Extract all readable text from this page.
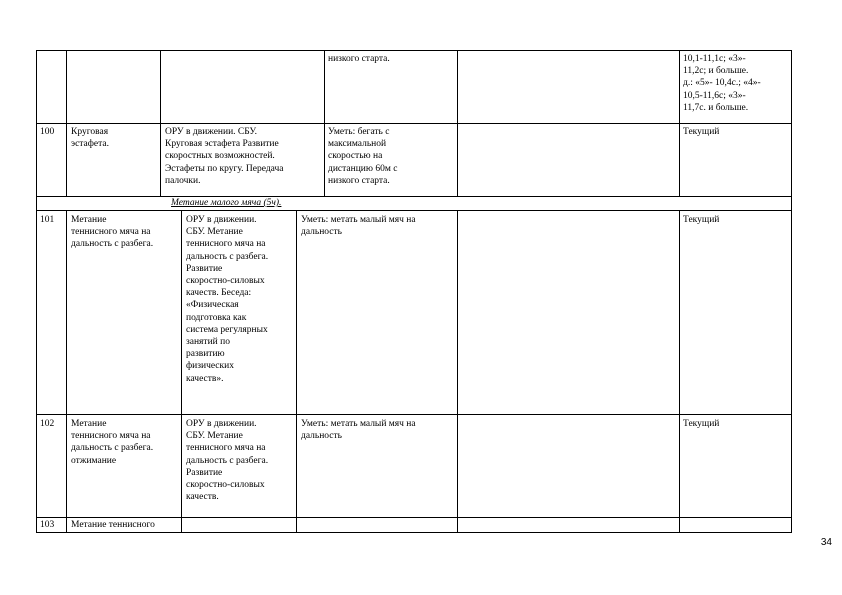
низкого старта.	10,1-11,1с; «3»-
11,2с; и больше.
д.: «5»- 10,4с.; «4»-
10,5-11,6с; «3»-
11,7с. и больше.
100 Круговая
эстафета.
ОРУ в движении. СБУ.
Круговая эстафета Развитие
скоростных возможностей.
Эстафеты по кругу. Передача
палочки.
Уметь: бегать с
максимальной
скоростью на
дистанцию 60м с
низкого старта.
Текущий
Метание малого мяча (5ч).
101 Метание
теннисного мяча на
дальность с разбега.
ОРУ в движении.
СБУ. Метание
теннисного мяча на
дальность с разбега.
Развитие
скоростно-силовых
качеств. Беседа:
«Физическая
подготовка как
система регулярных
занятий по
развитию
физических
качеств».
Уметь: метать малый мяч на
дальность
Текущий
102 Метание
теннисного мяча на
дальность с разбега.
отжимание
ОРУ в движении.
СБУ. Метание
теннисного мяча на
дальность с разбега.
Развитие
скоростно-силовых
качеств.
Уметь: метать малый мяч на
дальность
Текущий
103 Метание теннисного
34
